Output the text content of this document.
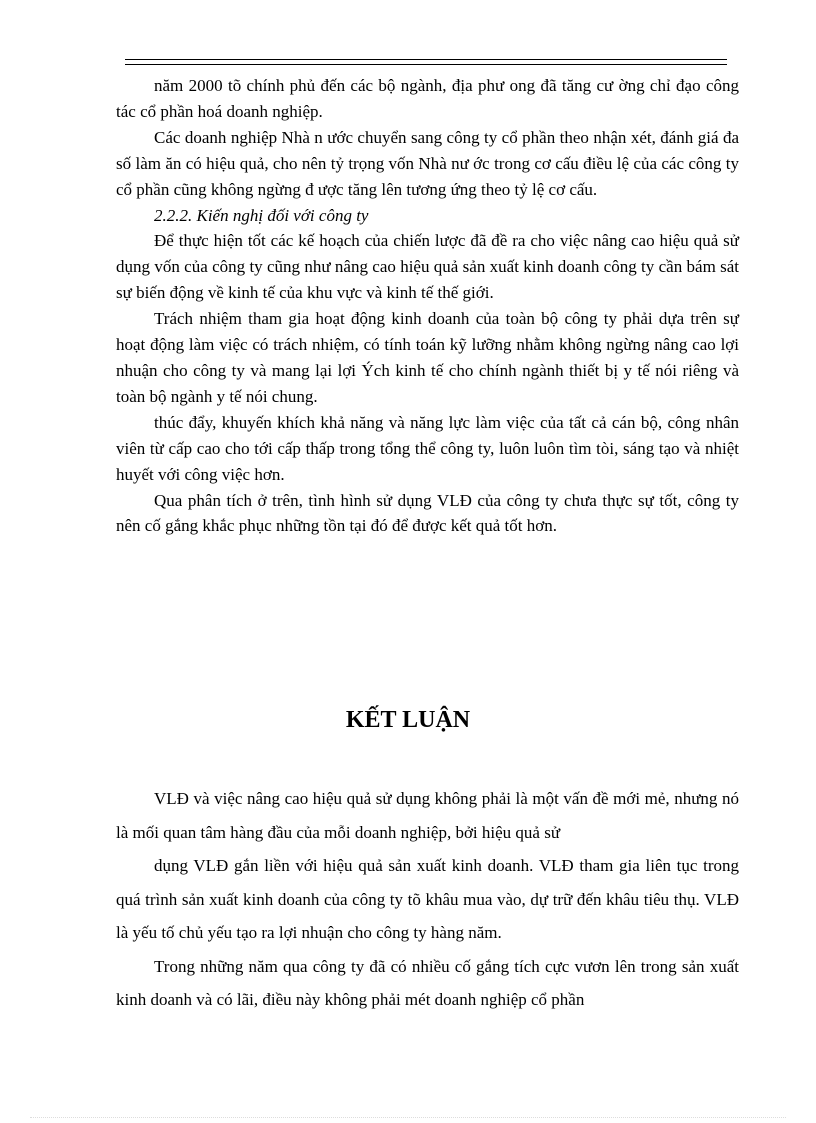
năm 2000 tõ chính phủ đến các bộ ngành, địa phư ong đã tăng cư ờng chỉ đạo công tác cổ phần hoá doanh nghiệp.

Các doanh nghiệp Nhà n ước chuyển sang công ty cổ phần theo nhận xét, đánh giá đa số làm ăn có hiệu quả, cho nên tỷ trọng vốn Nhà nư ớc trong cơ cấu điều lệ của các công ty cổ phần cũng không ngừng đ ược tăng lên tương ứng theo tỷ lệ cơ cấu.

2.2.2. Kiến nghị đối với công ty

Để thực hiện tốt các kế hoạch của chiến lược đã đề ra cho việc nâng cao hiệu quả sử dụng vốn của công ty cũng như nâng cao hiệu quả sản xuất kinh doanh công ty cần bám sát sự biến động về kinh tế của khu vực và kinh tế thế giới.

Trách nhiệm tham gia hoạt động kinh doanh của toàn bộ công ty phải dựa trên sự hoạt động làm việc có trách nhiệm, có tính toán kỹ lưỡng nhằm không ngừng nâng cao lợi nhuận cho công ty và mang lại lợi Ých kinh tế cho chính ngành thiết bị y tế nói riêng và toàn bộ ngành y tế nói chung.

thúc đẩy, khuyến khích khả năng và năng lực làm việc của tất cả cán bộ, công nhân viên từ cấp cao cho tới cấp thấp trong tổng thể công ty, luôn luôn tìm tòi, sáng tạo và nhiệt huyết với công việc hơn.

Qua phân tích ở trên, tình hình sử dụng VLĐ của công ty chưa thực sự tốt, công ty nên cố gắng khắc phục những tồn tại đó để được kết quả tốt hơn.

KẾT LUẬN

VLĐ và việc nâng cao hiệu quả sử dụng không phải là một vấn đề mới mẻ, nhưng nó là mối quan tâm hàng đầu của mỗi doanh nghiệp, bởi hiệu quả sử

dụng VLĐ gắn liền với hiệu quả sản xuất kinh doanh. VLĐ tham gia liên tục trong quá trình sản xuất kinh doanh của công ty tõ khâu mua vào, dự trữ đến khâu tiêu thụ. VLĐ là yếu tố chủ yếu tạo ra lợi nhuận cho công ty hàng năm.

Trong những năm qua công ty đã có nhiều cố gắng tích cực vươn lên trong sản xuất kinh doanh và có lãi, điều này không phải mét doanh nghiệp cổ phần
